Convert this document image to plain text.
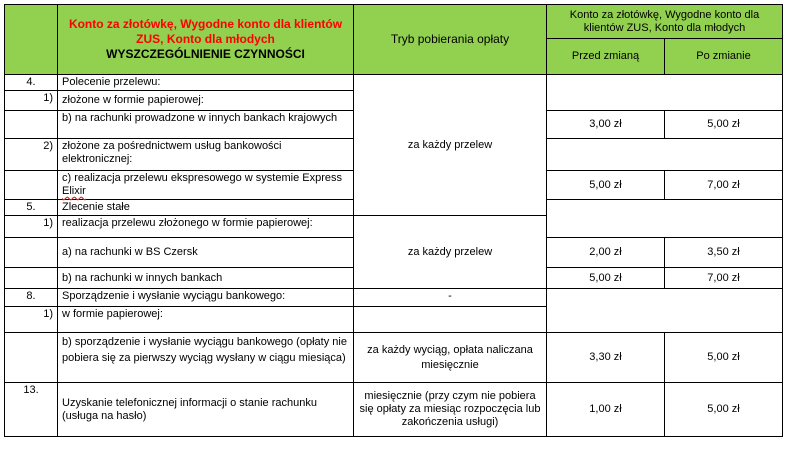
	Konto za złotówkę, Wygodne konto dla klientów ZUS, Konto dla młodych
WYSZCZEGÓLNIENIE CZYNNOŚCI	Tryb pobierania opłaty	Konto za złotówkę, Wygodne konto dla klientów ZUS, Konto dla młodych	
			Przed zmianą	Po zmianie
4.	Polecenie przelewu:	za każdy przelew		
1)	złożone w formie papierowej:			
	b) na rachunki prowadzone w innych bankach krajowych		3,00 zł	5,00 zł
2)	złożone za pośrednictwem usług bankowości elektronicznej:			
	c) realizacja przelewu ekspresowego w systemie Express Elixir		5,00 zł	7,00 zł
5.	Zlecenie stałe			
1)	realizacja przelewu złożonego w formie papierowej:	za każdy przelew		
	a) na rachunki w BS Czersk		2,00 zł	3,50 zł
	b) na rachunki w innych bankach		5,00 zł	7,00 zł
8.	Sporządzenie i wysłanie wyciągu bankowego:	-		
1)	w formie papierowej:			
	b) sporządzenie i wysłanie wyciągu bankowego (opłaty nie pobiera się za pierwszy wyciąg wysłany w ciągu miesiąca)	za każdy wyciąg, opłata naliczana miesięcznie	3,30 zł	5,00 zł
13.	Uzyskanie telefonicznej informacji o stanie rachunku (usługa na hasło)	miesięcznie (przy czym nie pobiera się opłaty za miesiąc rozpoczęcia lub zakończenia usługi)	1,00 zł	5,00 zł
